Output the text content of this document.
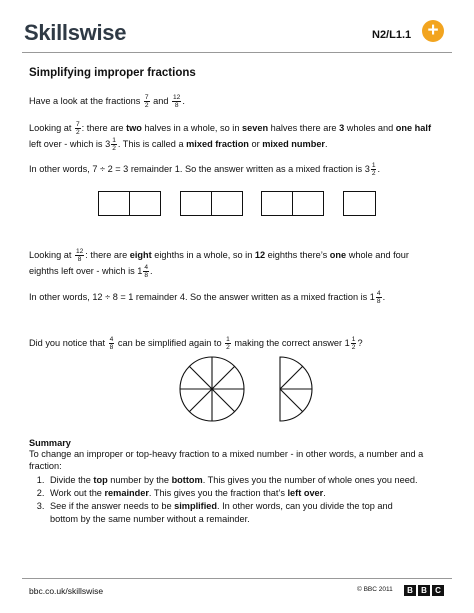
Skillswise	N2/L1.1 +
Simplifying improper fractions
Have a look at the fractions $\frac{7}{2}$ and $\frac{12}{8}$ .
Looking at $\frac{7}{2}$ : there are two halves in a whole, so in seven halves there are 3 wholes and one half
left over - which is $3 \frac{1}{2}$ . This is called a mixed fraction or mixed number.
In other words, 7 ÷ 2 = 3 remainder 1. So the answer written as a mixed fraction is $3 \frac{1}{2}$ .
Looking at $\frac{12}{8}$ : there are eight eighths in a whole, so in 12 eighths there’s one whole and four
eighths left over - which is $1 \frac{4}{8}$ .
In other words, 12 ÷ 8 = 1 remainder 4. So the answer written as a mixed fraction is $1 \frac{4}{8}$ .
Did you notice that $\frac{4}{8}$ can be simplified again to $\frac{1}{2}$ making the correct answer $1 \frac{1}{2}$ ?
Summary
To change an improper or top-heavy fraction to a mixed number - in other words, a number and a
fraction:
1. Divide the top number by the bottom. This gives you the number of whole ones you need.
2. Work out the remainder. This gives you the fraction that’s left over.
3. See if the answer needs to be simplified. In other words, can you divide the top and
bottom by the same number without a remainder.
bbc.co.uk/skillswise	© BBC 2011	B	B	C
